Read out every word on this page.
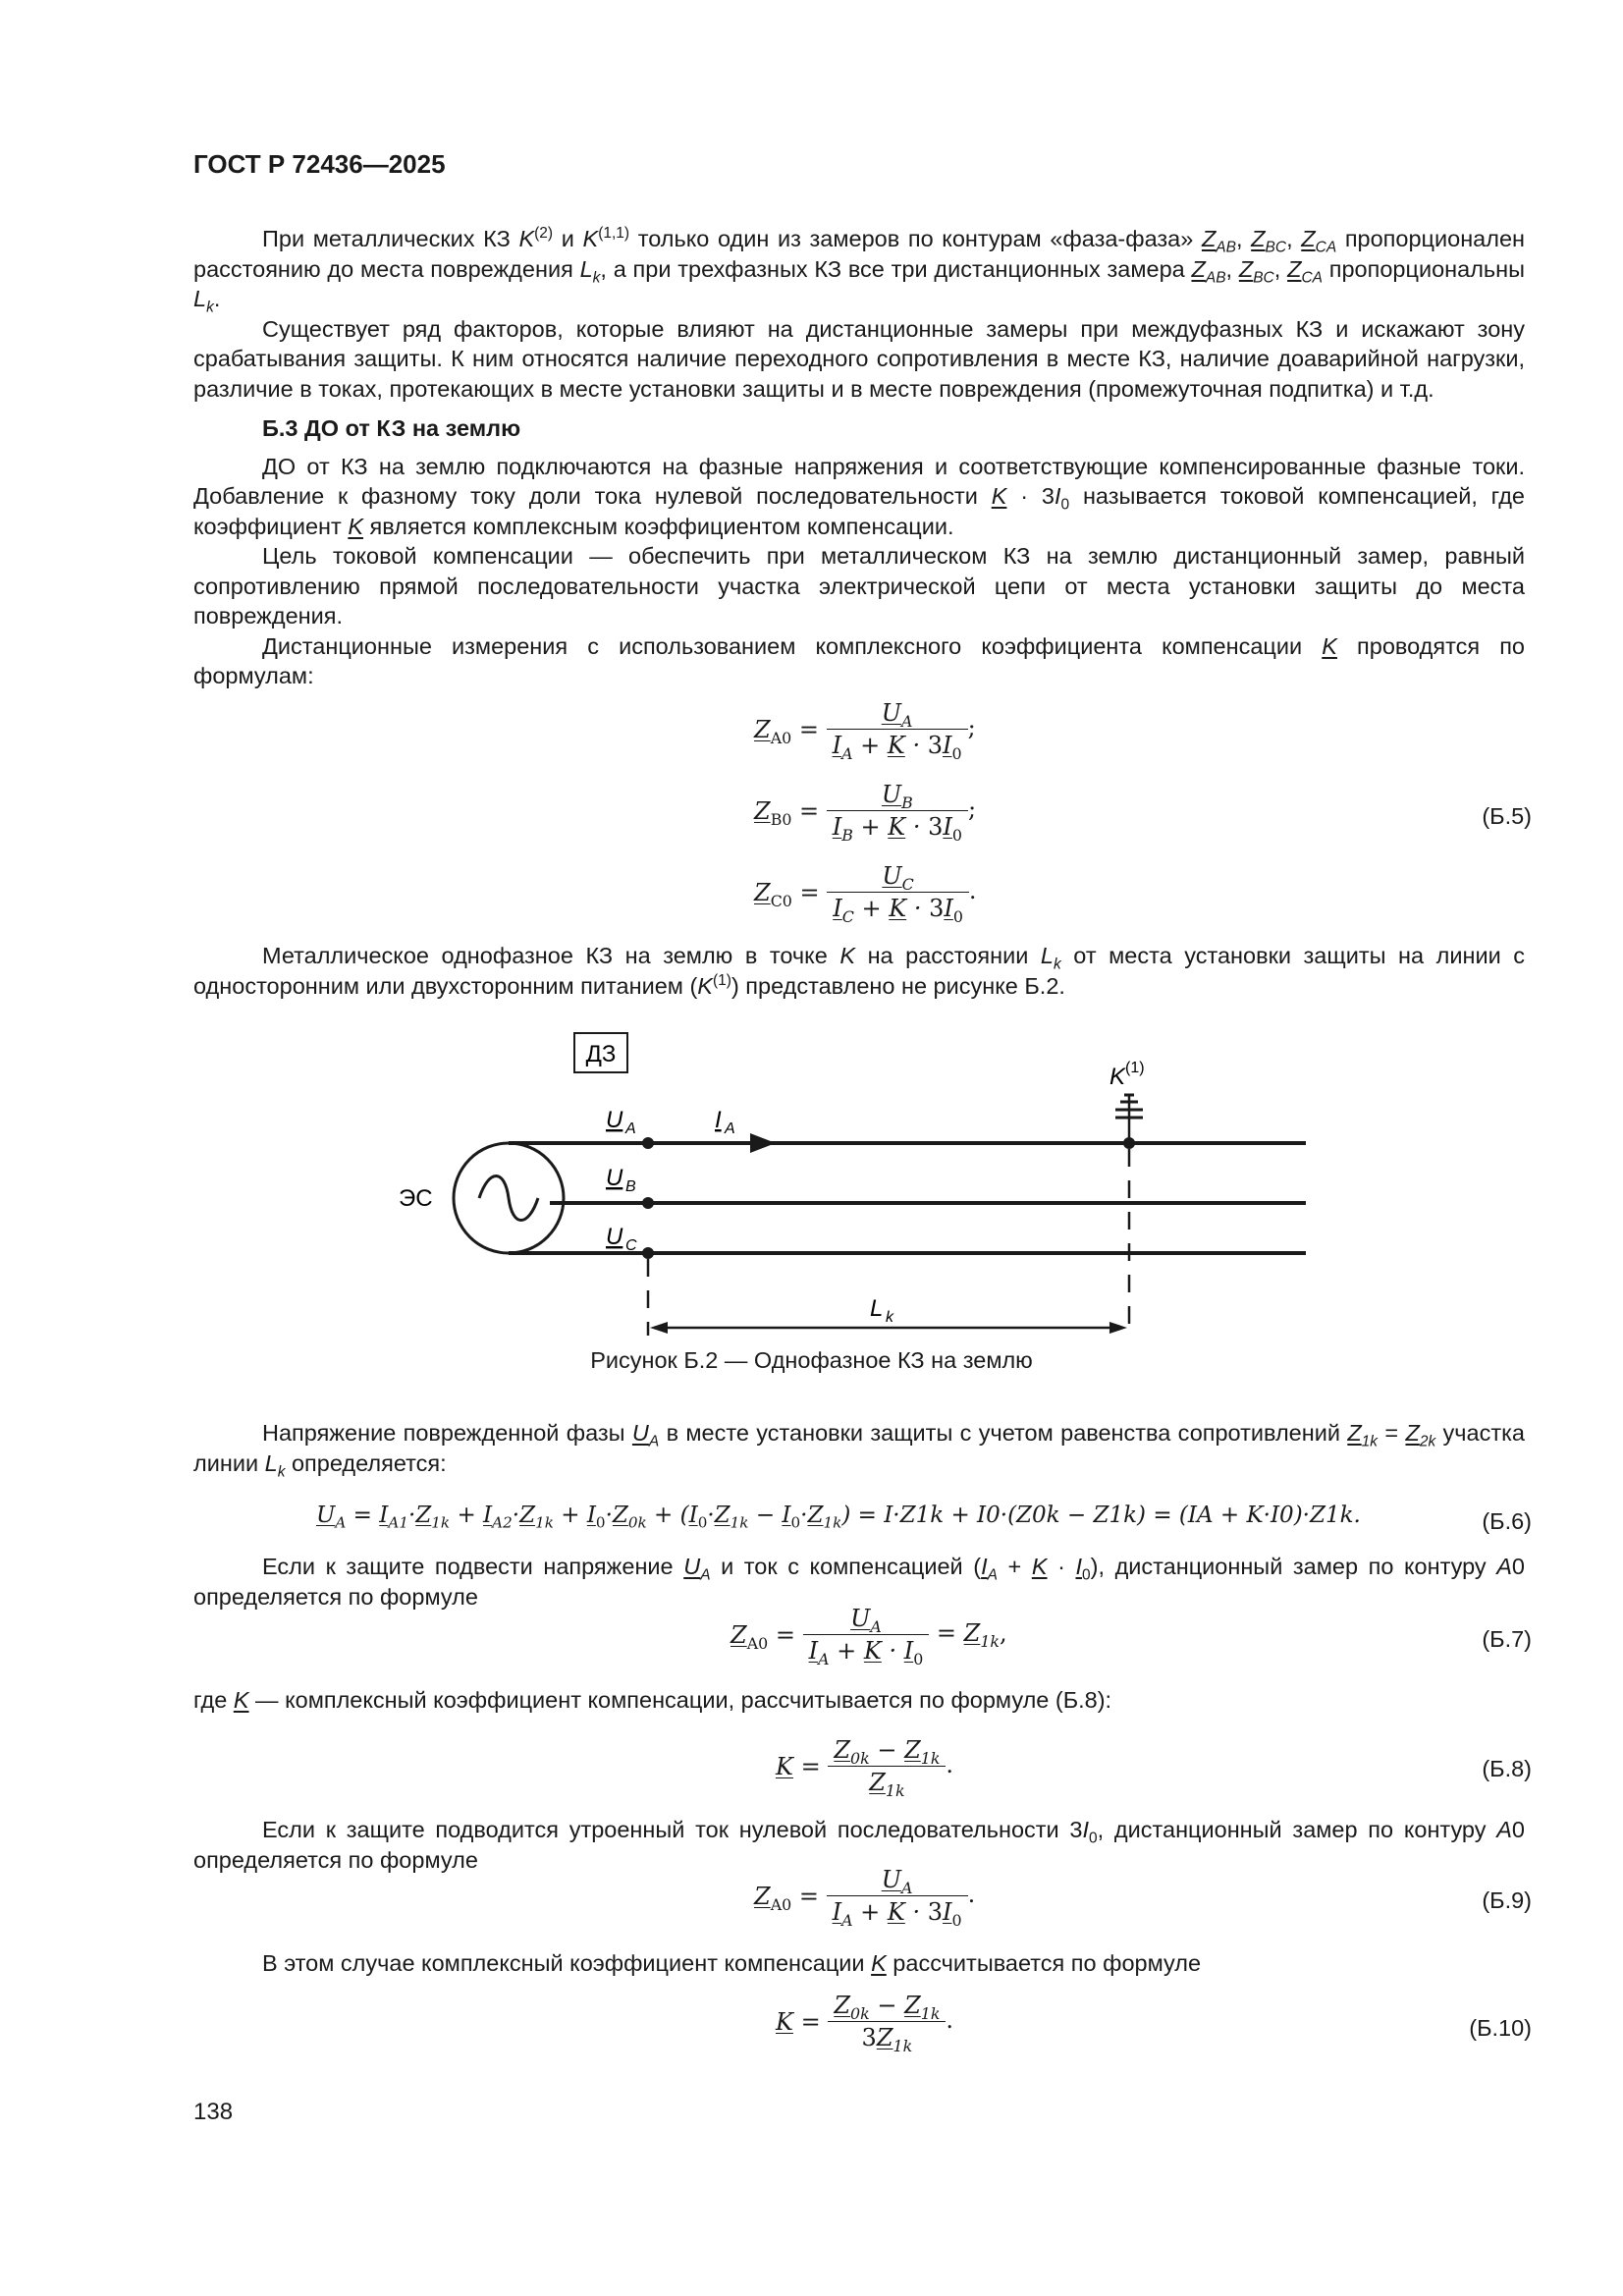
ГОСТ Р 72436—2025

При металлических КЗ $K^{(2)}$ и K$^{(1,1)}$ только один из замеров по контурам «фаза-фаза» $Z_{AB}$, $Z_{BC}$, $Z_{CA}$ пропорционален расстоянию до места повреждения $L_k$, а при трехфазных КЗ все три дистанционных замера $Z_{AB}$, $Z_{BC}$, $Z_{CA}$ пропорциональны $L_k$.

Существует ряд факторов, которые влияют на дистанционные замеры при междуфазных КЗ и искажают зону срабатывания защиты. К ним относятся наличие переходного сопротивления в месте КЗ, наличие доаварийной нагрузки, различие в токах, протекающих в месте установки защиты и в месте повреждения (промежуточная подпитка) и т.д.

Б.3 ДО от КЗ на землю

ДО от КЗ на землю подключаются на фазные напряжения и соответствующие компенсированные фазные токи. Добавление к фазному току доли тока нулевой последовательности $K \cdot 3I_0$ называется токовой компенсацией, где коэффициент K является комплексным коэффициентом компенсации.

Цель токовой компенсации — обеспечить при металлическом КЗ на землю дистанционный замер, равный сопротивлению прямой последовательности участка электрической цепи от места установки защиты до места повреждения.

Дистанционные измерения с использованием комплексного коэффициента компенсации K проводятся по формулам:

$Z_{A0} = \frac{U_A}{I_A + K \cdot 3I_0}$ ;
$Z_{B0} = \frac{U_B}{I_B + K \cdot 3I_0}$ ;	(Б.5)
$Z_{C0} = \frac{U_C}{I_C + K \cdot 3I_0}$ .

Металлическое однофазное КЗ на землю в точке K на расстоянии $L_k$ от места установки защиты на линии с односторонним или двухсторонним питанием $(K^{(1)})$ представлено не рисунке Б.2.

ДЗ
ЭС
U A
U B
U C
I A
K (1)
L k
Рисунок Б.2 — Однофазное КЗ на землю

Напряжение поврежденной фазы $U_A$ в месте установки защиты с учетом равенства сопротивлений $Z_{1k} = Z_{2k}$ участка линии $L_k$ определяется:

$U_A = I_{A1}\cdot Z_{1k} + I_{A2}\cdot Z_{1k} + I_0\cdot Z_{0k} + (I_0\cdot Z_{1k} - I_0\cdot Z_{1k}) = I\cdot Z1k + I0\cdot(Z0k - Z1k) = (IA + K\cdot I0)\cdot Z1k$.	(Б.6)

Если к защите подвести напряжение $U_A$ и ток с компенсацией $(I_A + K \cdot I_0)$, дистанционный замер по контуру A0 определяется по формуле

$Z_{A0} = \frac{U_A}{I_A + K \cdot I_0} = Z_{1k}$,	(Б.7)

где K — комплексный коэффициент компенсации, рассчитывается по формуле (Б.8):

$K = \frac{Z_{0k} - Z_{1k}}{Z_{1k}}$ .	(Б.8)

Если к защите подводится утроенный ток нулевой последовательности $3I_0$, дистанционный замер по контуру A0 определяется по формуле

$Z_{A0} = \frac{U_A}{I_A + K \cdot 3I_0}$ .	(Б.9)

В этом случае комплексный коэффициент компенсации K рассчитывается по формуле

$K = \frac{Z_{0k} - Z_{1k}}{3Z_{1k}}$ .	(Б.10)
138
